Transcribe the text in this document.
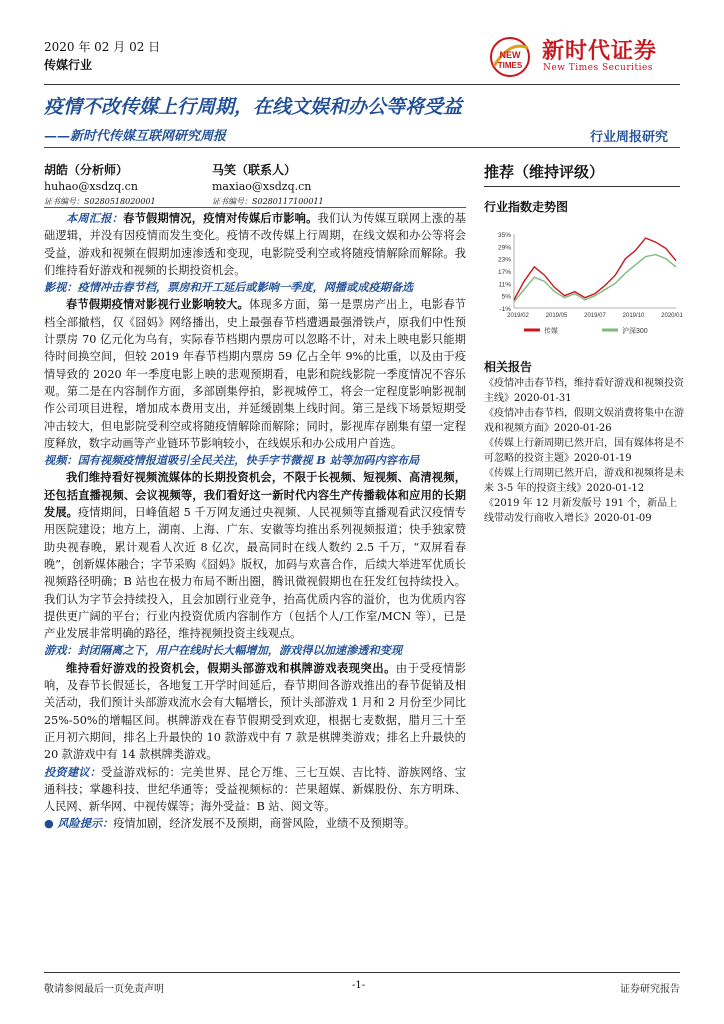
2020 年 02 月 02 日
传媒行业
NEW
TIMES
新时代证券
New Times Securities
疫情不改传媒上行周期，在线文娱和办公等将受益
——新时代传媒互联网研究周报	行业周报研究
胡皓（分析师）
huhao@xsdzq.cn
证书编号：S0280518020001
马笑（联系人）
maxiao@xsdzq.cn
证书编号：S0280117100011

本周汇报：春节假期情况，疫情对传媒后市影响。我们认为传媒互联网上涨的基础逻辑，并没有因疫情而发生变化。疫情不改传媒上行周期，在线文娱和办公等将会受益，游戏和视频在假期加速渗透和变现，电影院受利空或将随疫情解除而解除。我们维持看好游戏和视频的长期投资机会。

影视：疫情冲击春节档，票房和开工延后或影响一季度，网播或成疫期备选

春节假期疫情对影视行业影响较大。体现多方面，第一是票房产出上，电影春节档全部撤档，仅《囧妈》网络播出，史上最强春节档遭遇最强滑铁卢，原我们中性预计票房 70 亿元化为乌有，实际春节档期内票房可以忽略不计，对未上映电影只能期待时间换空间，但较 2019 年春节档期内票房 59 亿占全年 9%的比重，以及由于疫情导致的 2020 年一季度电影上映的悲观预期看，电影和院线影院一季度情况不容乐观。第二是在内容制作方面，多部剧集停拍，影视城停工，将会一定程度影响影视制作公司项目进程，增加成本费用支出，并延缓剧集上线时间。第三是线下场景短期受冲击较大，但电影院受利空或将随疫情解除而解除；同时，影视库存剧集有望一定程度释放，数字动画等产业链环节影响较小，在线娱乐和办公成用户首选。

视频：国有视频疫情报道吸引全民关注，快手字节微视 B 站等加码内容布局

我们维持看好视频流媒体的长期投资机会，不限于长视频、短视频、高清视频，还包括直播视频、会议视频等，我们看好这一新时代内容生产传播载体和应用的长期发展。疫情期间，日峰值超 5 千万网友通过央视频、人民视频等直播观看武汉疫情专用医院建设；地方上，湖南、上海、广东、安徽等均推出系列视频报道；快手独家赞助央视春晚，累计观看人次近 8 亿次，最高同时在线人数约 2.5 千万，“双屏看春晚”，创新媒体融合；字节采购《囧妈》版权，加码与欢喜合作，后续大举进军优质长视频路径明确；B 站也在极力布局不断出圈，腾讯微视假期也在狂发红包持续投入。我们认为字节会持续投入，且会加剧行业竞争，抬高优质内容的溢价，也为优质内容提供更广阔的平台；行业内投资优质内容制作方（包括个人/工作室/MCN 等），已是产业发展非常明确的路径，维持视频投资主线观点。

游戏：封闭隔离之下，用户在线时长大幅增加，游戏得以加速渗透和变现

维持看好游戏的投资机会，假期头部游戏和棋牌游戏表现突出。由于受疫情影响，及春节长假延长，各地复工开学时间延后，春节期间各游戏推出的春节促销及相关活动，我们预计头部游戏流水会有大幅增长，预计头部游戏 1 月和 2 月份至少同比 25%-50%的增幅区间。棋牌游戏在春节假期受到欢迎，根据七麦数据，腊月三十至正月初六期间，排名上升最快的 10 款游戏中有 7 款是棋牌类游戏；排名上升最快的 20 款游戏中有 14 款棋牌类游戏。

投资建议：受益游戏标的：完美世界、昆仑万维、三七互娱、吉比特、游族网络、宝通科技；掌趣科技、世纪华通等；受益视频标的：芒果超媒、新媒股份、东方明珠、人民网、新华网、中视传媒等；海外受益：B 站、阅文等。

● 风险提示：疫情加剧，经济发展不及预期，商誉风险，业绩不及预期等。

推荐（维持评级）
行业指数走势图
35%
29%
23%
17%
11%
5%
-1%
2019/02	2019/05	2019/07	2019/10	2020/01
传媒	沪深300
相关报告

《疫情冲击春节档，维持看好游戏和视频投资主线》2020-01-31

《疫情冲击春节档，假期文娱消费将集中在游戏和视频方面》2020-01-26

《传媒上行新周期已然开启，国有媒体将是不可忽略的投资主题》2020-01-19

《传媒上行周期已然开启，游戏和视频将是未来 3-5 年的投资主线》2020-01-12

《2019 年 12 月新发版号 191 个，新品上线带动发行商收入增长》2020-01-09

敬请参阅最后一页免责声明	-1-	证券研究报告
